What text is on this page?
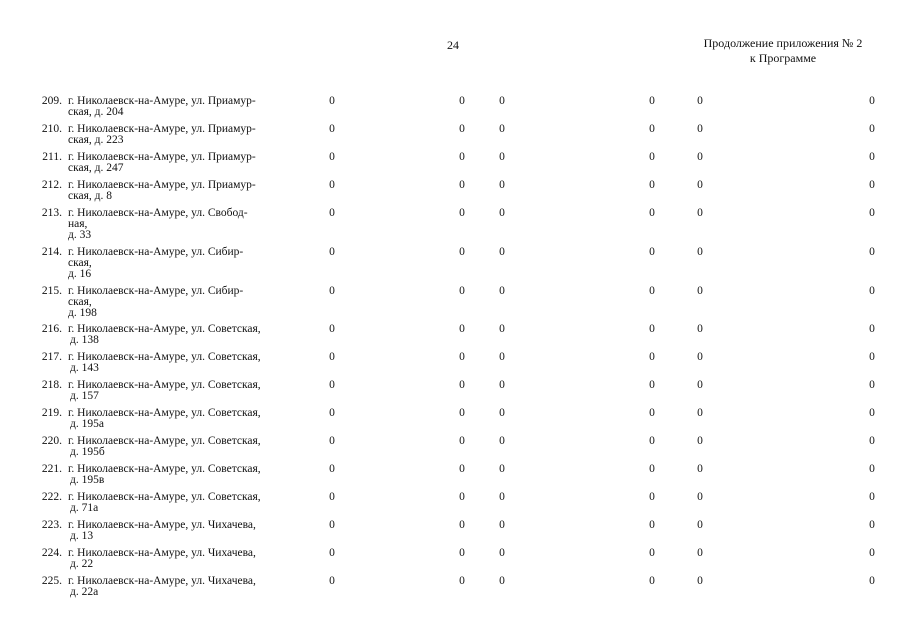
24	Продолжение приложения № 2
к Программе
209. г. Николаевск-на-Амуре, ул. Приамур-
ская, д. 204
0	0	0	0	0	0
210. г. Николаевск-на-Амуре, ул. Приамур-
ская, д. 223
0	0	0	0	0	0
211. г. Николаевск-на-Амуре, ул. Приамур-
ская, д. 247
0	0	0	0	0	0
212. г. Николаевск-на-Амуре, ул. Приамур-
ская, д. 8
0	0	0	0	0	0
213. г. Николаевск-на-Амуре, ул. Свобод-
ная,
д. 33
0	0	0	0	0	0
214. г. Николаевск-на-Амуре, ул. Сибир-
ская,
д. 16
0	0	0	0	0	0
215. г. Николаевск-на-Амуре, ул. Сибир-
ская,
д. 198
0	0	0	0	0	0
216. г. Николаевск-на-Амуре, ул. Советская,
д. 138
0	0	0	0	0	0
217. г. Николаевск-на-Амуре, ул. Советская,
д. 143
0	0	0	0	0	0
218. г. Николаевск-на-Амуре, ул. Советская,
д. 157
0	0	0	0	0	0
219. г. Николаевск-на-Амуре, ул. Советская,
д. 195а
0	0	0	0	0	0
220. г. Николаевск-на-Амуре, ул. Советская,
д. 195б
0	0	0	0	0	0
221. г. Николаевск-на-Амуре, ул. Советская,
д. 195в
0	0	0	0	0	0
222. г. Николаевск-на-Амуре, ул. Советская,
д. 71а
0	0	0	0	0	0
223. г. Николаевск-на-Амуре, ул. Чихачева,
д. 13
0	0	0	0	0	0
224. г. Николаевск-на-Амуре, ул. Чихачева,
д. 22
0	0	0	0	0	0
225. г. Николаевск-на-Амуре, ул. Чихачева,
д. 22а
0	0	0	0	0	0
